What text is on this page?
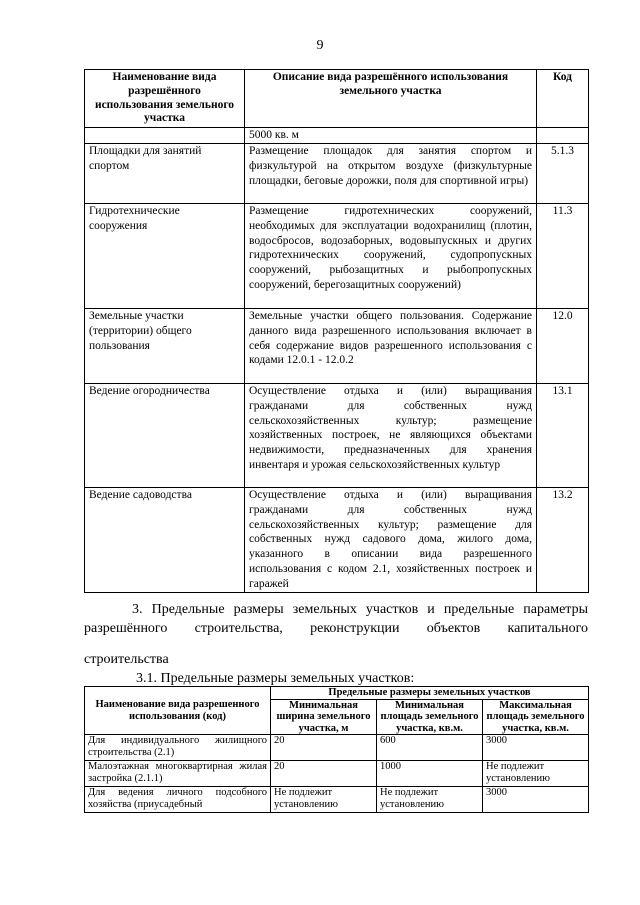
9
Наименование вида разрешённого использования земельного участка	Описание вида разрешённого использования земельного участка	Код
	5000 кв. м	
Площадки для занятий спортом	Размещение площадок для занятия спортом и физкультурой на открытом воздухе (физкультурные площадки, беговые дорожки, поля для спортивной игры)	5.1.3
Гидротехнические сооружения	Размещение гидротехнических сооружений, необходимых для эксплуатации водохранилищ (плотин, водосбросов, водозаборных, водовыпускных и других гидротехнических сооружений, судопропускных сооружений, рыбозащитных и рыбопропускных сооружений, берегозащитных сооружений)	11.3
Земельные участки (территории) общего пользования	Земельные участки общего пользования. Содержание данного вида разрешенного использования включает в себя содержание видов разрешенного использования с кодами 12.0.1 - 12.0.2	12.0
Ведение огородничества	Осуществление отдыха и (или) выращивания гражданами для собственных нужд сельскохозяйственных культур; размещение хозяйственных построек, не являющихся объектами недвижимости, предназначенных для хранения инвентаря и урожая сельскохозяйственных культур	13.1
Ведение садоводства	Осуществление отдыха и (или) выращивания гражданами для собственных нужд сельскохозяйственных культур; размещение для собственных нужд садового дома, жилого дома, указанного в описании вида разрешенного использования с кодом 2.1, хозяйственных построек и гаражей	13.2
3. Предельные размеры земельных участков и предельные параметры
разрешённого строительства, реконструкции объектов капитального
строительства
3.1. Предельные размеры земельных участков:
Наименование вида разрешенного использования (код)	Предельные размеры земельных участков		
	Минимальная ширина земельного участка, м	Минимальная площадь земельного участка, кв.м.	Максимальная площадь земельного участка, кв.м.
Для индивидуального жилищного строительства (2.1)	20	600	3000
Малоэтажная многоквартирная жилая застройка (2.1.1)	20	1000	Не подлежит установлению
Для ведения личного подсобного хозяйства (приусадебный	Не подлежит установлению	Не подлежит установлению	3000
